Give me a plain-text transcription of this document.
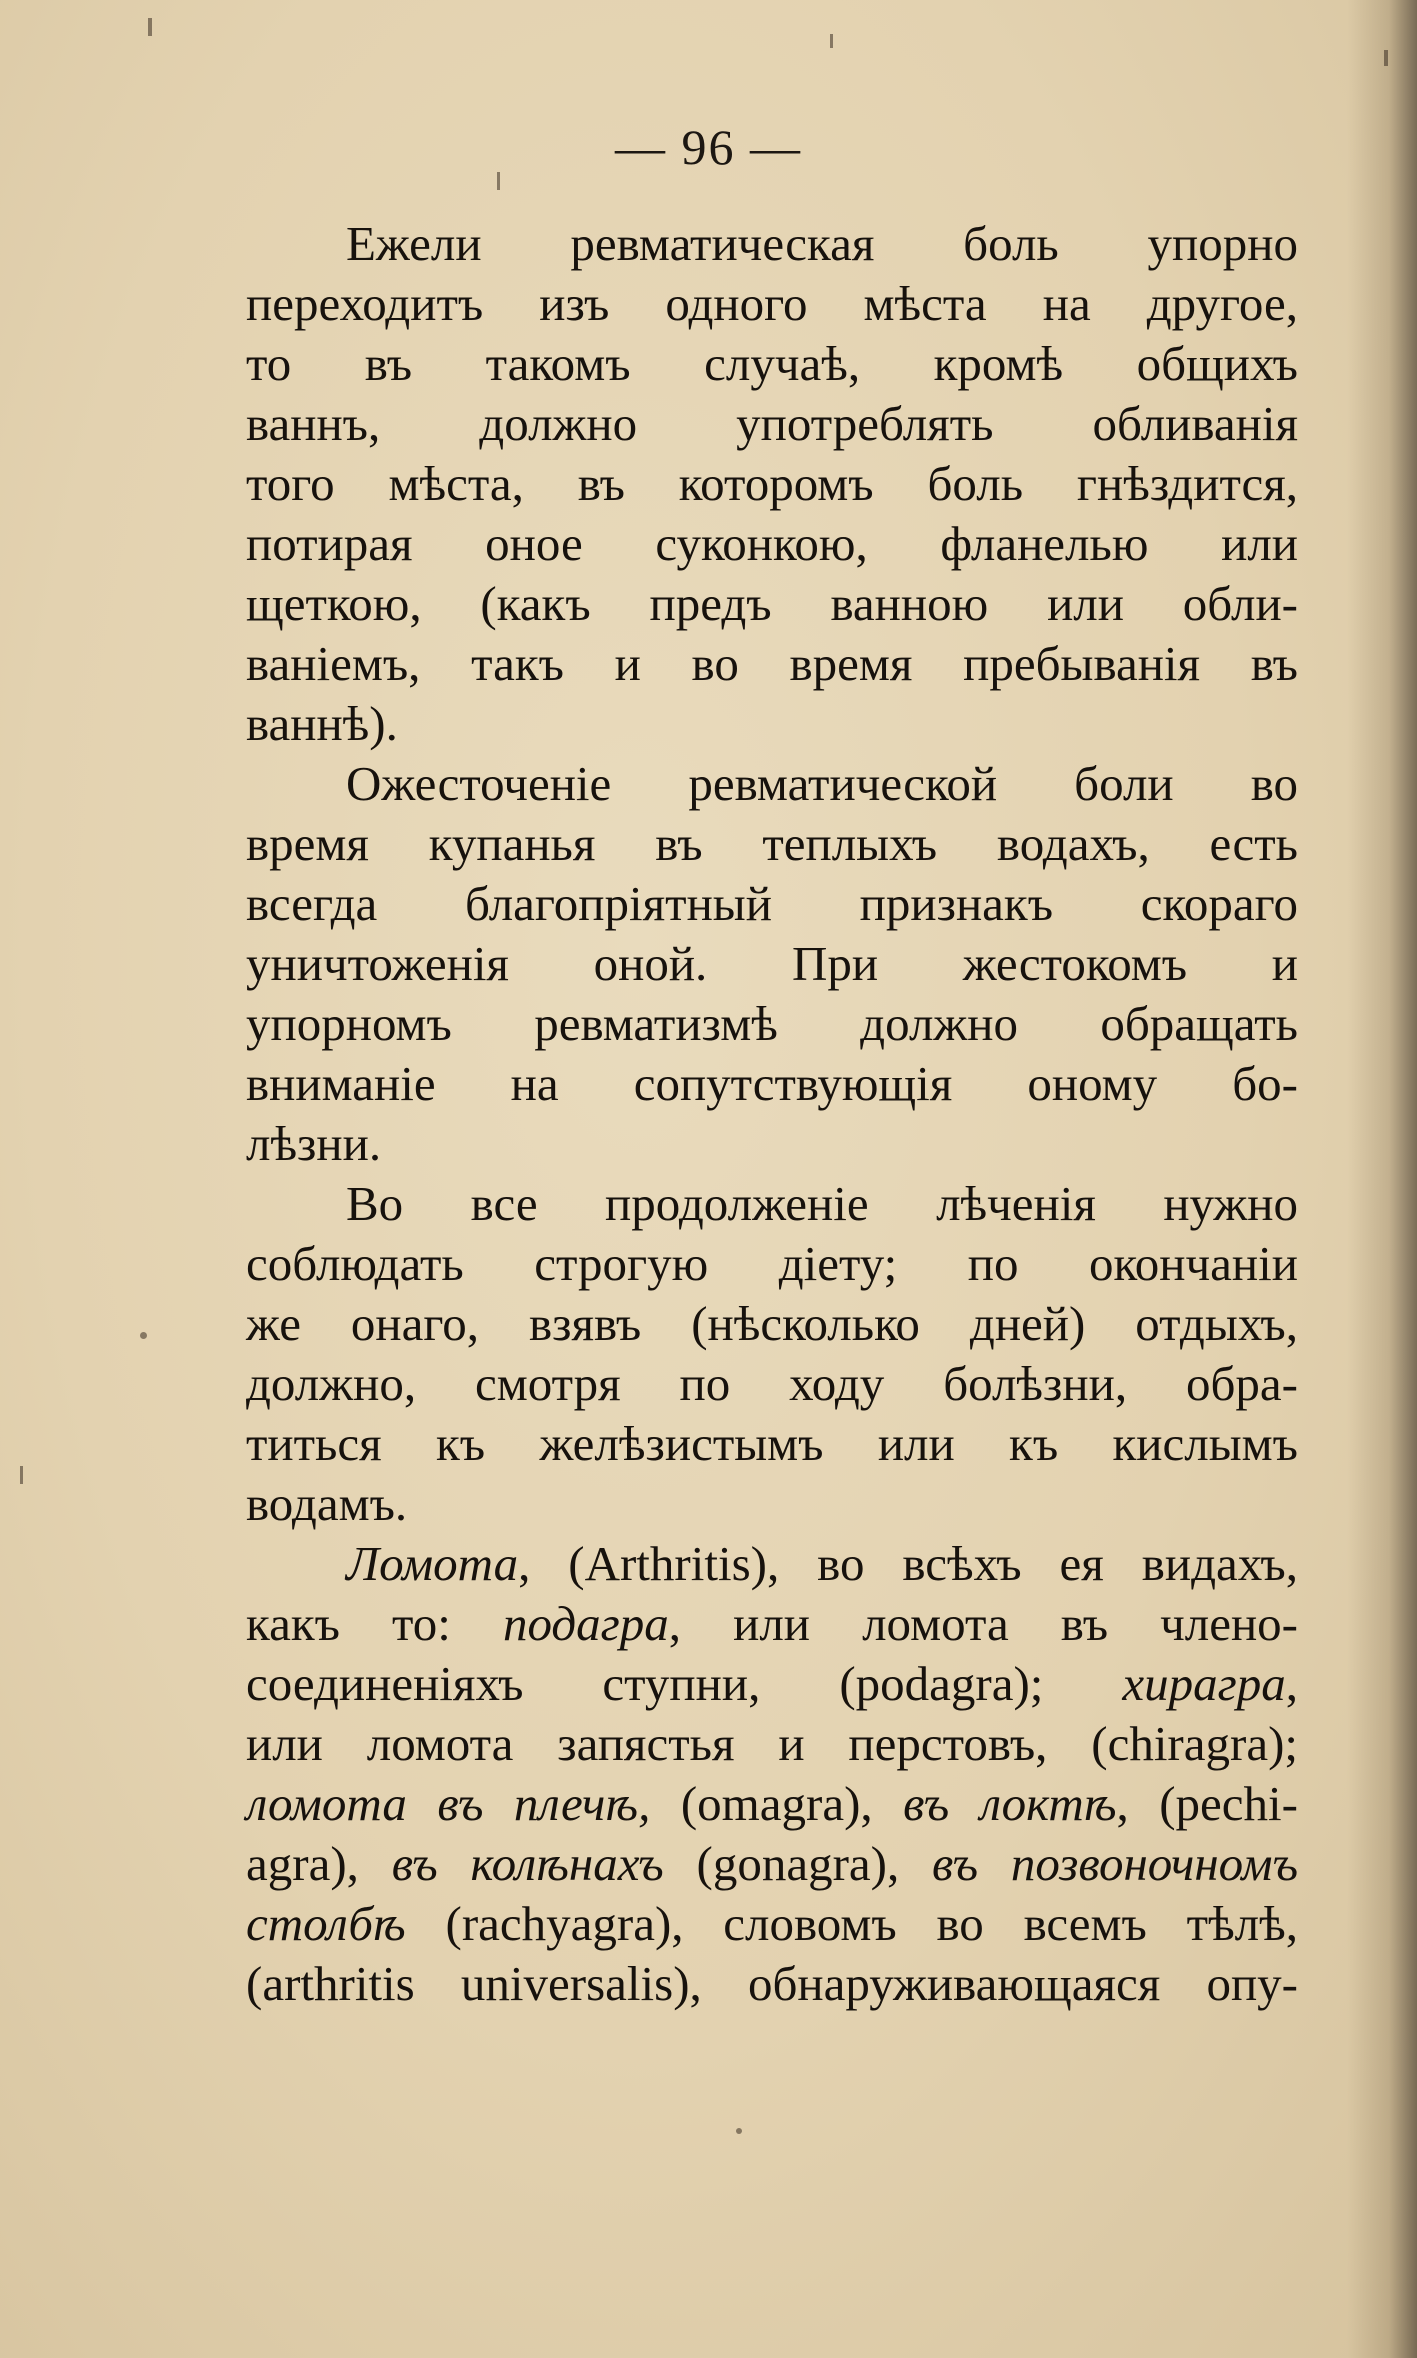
— 96 —

Ежели ревматическая боль упорно
переходитъ изъ одного мѣста на другое,
то въ такомъ случаѣ, кромѣ общихъ
ваннъ, должно употреблять обливанія
того мѣста, въ которомъ боль гнѣздится,
потирая оное суконкою, фланелью или
щеткою, (какъ предъ ванною или обли-
ваніемъ, такъ и во время пребыванія въ
ваннѣ).

Ожесточеніе ревматической боли во
время купанья въ теплыхъ водахъ, есть
всегда благопріятный признакъ скораго
уничтоженія оной. При жестокомъ и
упорномъ ревматизмѣ должно обращать
вниманіе на сопутствующія оному бо-
лѣзни.

Во все продолженіе лѣченія нужно
соблюдать строгую діету; по окончаніи
же онаго, взявъ (нѣсколько дней) отдыхъ,
должно, смотря по ходу болѣзни, обра-
титься къ желѣзистымъ или къ кислымъ
водамъ.

Ломота, (Arthritis), во всѣхъ ея видахъ,
какъ то: подагра, или ломота въ члено-
соединеніяхъ ступни, (podagra); хирагра,
или ломота запястья и перстовъ, (chiragra);
ломота въ плечѣ, (omagra), въ локтѣ, (pechi-
agra), въ колѣнахъ (gonagra), въ позвоночномъ
столбѣ (rachyagra), словомъ во всемъ тѣлѣ,
(arthritis universalis), обнаруживающаяся опу-
